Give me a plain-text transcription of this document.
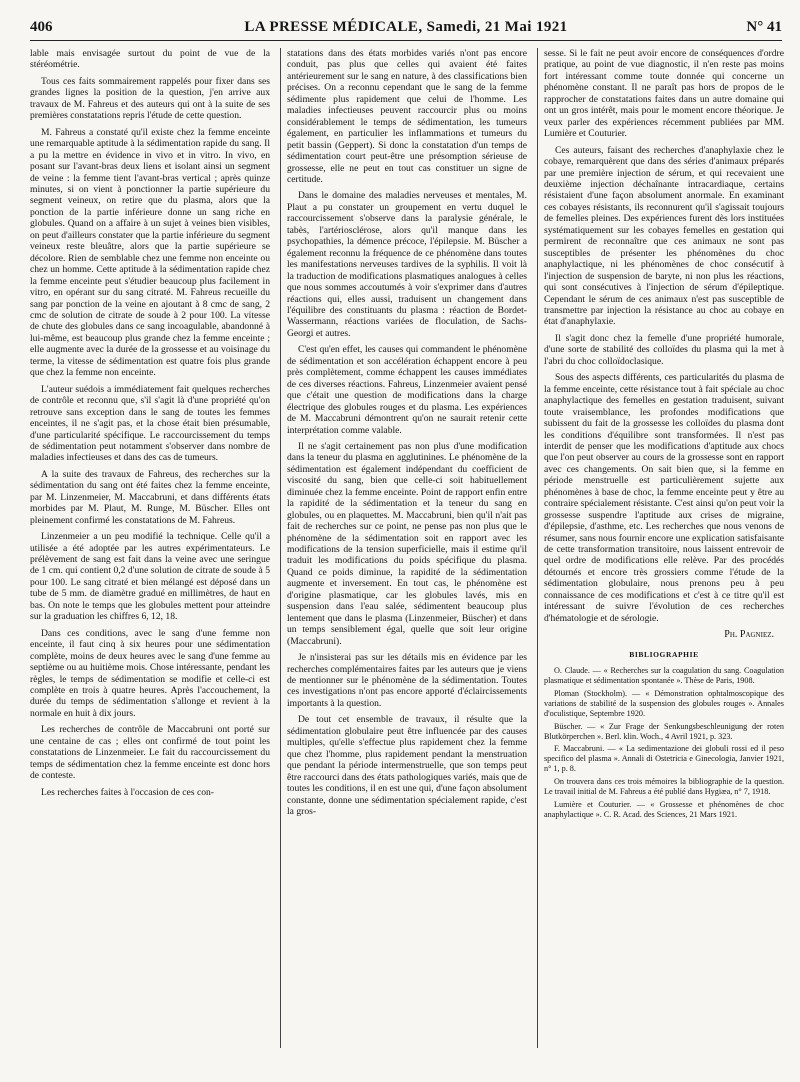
406	LA PRESSE MÉDICALE, Samedi, 21 Mai 1921	N° 41

lable mais envisagée surtout du point de vue de la stéréométrie.

Tous ces faits sommairement rappelés pour fixer dans ses grandes lignes la position de la question, j'en arrive aux travaux de M. Fahreus et des auteurs qui ont à la suite de ses premières constatations repris l'étude de cette question.

M. Fahreus a constaté qu'il existe chez la femme enceinte une remarquable aptitude à la sédimentation rapide du sang. Il a pu la mettre en évidence in vivo et in vitro. In vivo, en posant sur l'avant-bras deux liens et isolant ainsi un segment de veine : la femme tient l'avant-bras vertical ; après quinze minutes, si on vient à ponctionner la partie supérieure du segment veineux, on retire que du plasma, alors que la ponction de la partie inférieure donne un sang riche en globules. Quand on a affaire à un sujet à veines bien visibles, on peut d'ailleurs constater que la partie inférieure du segment veineux reste bleuâtre, alors que la partie supérieure se décolore. Rien de semblable chez une femme non enceinte ou chez un homme. Cette aptitude à la sédimentation rapide chez la femme enceinte peut s'étudier beaucoup plus facilement in vitro, en opérant sur du sang citraté. M. Fahreus recueille du sang par ponction de la veine en ajoutant à 8 cmc de sang, 2 cmc de solution de citrate de soude à 2 pour 100. La vitesse de chute des globules dans ce sang incoagulable, abandonné à lui-même, est beaucoup plus grande chez la femme enceinte ; elle augmente avec la durée de la grossesse et au voisinage du terme, la vitesse de sédimentation est quatre fois plus grande que chez la femme non enceinte.

L'auteur suédois a immédiatement fait quelques recherches de contrôle et reconnu que, s'il s'agit là d'une propriété qu'on retrouve sans exception dans le sang de toutes les femmes enceintes, il ne s'agit pas, et la chose était bien présumable, d'une particularité spécifique. Le raccourcissement du temps de sédimentation peut notamment s'observer dans nombre de maladies infectieuses et dans des cas de tumeurs.

A la suite des travaux de Fahreus, des recherches sur la sédimentation du sang ont été faites chez la femme enceinte, par M. Linzenmeier, M. Maccabruni, et dans différents états morbides par M. Plaut, M. Runge, M. Büscher. Elles ont pleinement confirmé les constatations de M. Fahreus.

Linzenmeier a un peu modifié la technique. Celle qu'il a utilisée a été adoptée par les autres expérimentateurs. Le prélèvement de sang est fait dans la veine avec une seringue de 1 cm. qui contient 0,2 d'une solution de citrate de soude à 5 pour 100. Le sang citraté et bien mélangé est déposé dans un tube de 5 mm. de diamètre gradué en millimètres, de haut en bas. On note le temps que les globules mettent pour atteindre sur la graduation les chiffres 6, 12, 18.

Dans ces conditions, avec le sang d'une femme non enceinte, il faut cinq à six heures pour une sédimentation complète, moins de deux heures avec le sang d'une femme au septième ou au huitième mois. Chose intéressante, pendant les règles, le temps de sédimentation se modifie et celle-ci est complète en trois à quatre heures. Après l'accouchement, la durée du temps de sédimentation s'allonge et revient à la normale en huit à dix jours.

Les recherches de contrôle de Maccabruni ont porté sur une centaine de cas ; elles ont confirmé de tout point les constatations de Linzenmeier. Le fait du raccourcissement du temps de sédimentation chez la femme enceinte est donc hors de conteste.

Les recherches faites à l'occasion de ces con-

statations dans des états morbides variés n'ont pas encore conduit, pas plus que celles qui avaient été faites antérieurement sur le sang en nature, à des classifications bien précises. On a reconnu cependant que le sang de la femme sédimente plus rapidement que celui de l'homme. Les maladies infectieuses peuvent raccourcir plus ou moins considérablement le temps de sédimentation, les tumeurs également, en particulier les inflammations et tumeurs du petit bassin (Geppert). Si donc la constatation d'un temps de sédimentation court peut-être une présomption sérieuse de grossesse, elle ne peut en tout cas constituer un signe de certitude.

Dans le domaine des maladies nerveuses et mentales, M. Plaut a pu constater un groupement en vertu duquel le raccourcissement s'observe dans la paralysie générale, le tabès, l'artériosclérose, alors qu'il manque dans les psychopathies, la démence précoce, l'épilepsie. M. Büscher a également reconnu la fréquence de ce phénomène dans toutes les manifestations nerveuses tardives de la syphilis. Il voit là la traduction de modifications plasmatiques analogues à celles que nous sommes accoutumés à voir s'exprimer dans d'autres réactions qui, elles aussi, traduisent un changement dans l'équilibre des constituants du plasma : réaction de Bordet-Wassermann, réactions variées de floculation, de Sachs-Georgi et autres.

C'est qu'en effet, les causes qui commandent le phénomène de sédimentation et son accélération échappent encore à peu près complètement, comme échappent les causes immédiates de ces diverses réactions. Fahreus, Linzenmeier avaient pensé que c'était une question de modifications dans la charge électrique des globules rouges et du plasma. Les expériences de M. Maccabruni démontrent qu'on ne saurait retenir cette interprétation comme valable.

Il ne s'agit certainement pas non plus d'une modification dans la teneur du plasma en agglutinines. Le phénomène de la sédimentation est également indépendant du coefficient de viscosité du sang, bien que celle-ci soit habituellement diminuée chez la femme enceinte. Point de rapport enfin entre la rapidité de la sédimentation et la teneur du sang en globules, ou en plaquettes. M. Maccabruni, bien qu'il n'ait pas fait de recherches sur ce point, ne pense pas non plus que le phénomène de la sédimentation soit en rapport avec les modifications de la tension superficielle, mais il estime qu'il traduit les modifications du poids spécifique du plasma. Quand ce poids diminue, la rapidité de la sédimentation augmente et inversement. En tout cas, le phénomène est d'origine plasmatique, car les globules lavés, mis en suspension dans l'eau salée, sédimentent beaucoup plus lentement que dans le plasma (Linzenmeier, Büscher) et dans un temps sensiblement égal, quelle que soit leur origine (Maccabruni).

Je n'insisterai pas sur les détails mis en évidence par les recherches complémentaires faites par les auteurs que je viens de mentionner sur le phénomène de la sédimentation. Toutes ces investigations n'ont pas encore apporté d'éclaircissements importants à la question.

De tout cet ensemble de travaux, il résulte que la sédimentation globulaire peut être influencée par des causes multiples, qu'elle s'effectue plus rapidement chez la femme que chez l'homme, plus rapidement pendant la menstruation que pendant la période intermenstruelle, que son temps peut être raccourci dans des états pathologiques variés, mais que de toutes les conditions, il en est une qui, d'une façon absolument constante, donne une sédimentation spécialement rapide, c'est la gros-

sesse. Si le fait ne peut avoir encore de conséquences d'ordre pratique, au point de vue diagnostic, il n'en reste pas moins fort intéressant comme toute donnée qui concerne un phénomène constant. Il ne paraît pas hors de propos de le rapprocher de constatations faites dans un autre domaine qui ont un gros intérêt, mais pour le moment encore théorique. Je veux parler des expériences récemment publiées par MM. Lumière et Couturier.

Ces auteurs, faisant des recherches d'anaphylaxie chez le cobaye, remarquèrent que dans des séries d'animaux préparés par une première injection de sérum, et qui recevaient une deuxième injection déchaînante intracardiaque, certains résistaient d'une façon absolument anormale. En examinant ces cobayes résistants, ils reconnurent qu'il s'agissait toujours de femelles pleines. Des expériences furent dès lors instituées systématiquement sur les cobayes femelles en gestation qui permirent de reconnaître que ces animaux ne sont pas susceptibles de présenter les phénomènes du choc anaphylactique, ni les phénomènes de choc consécutif à l'injection de suspension de baryte, ni non plus les réactions, qui sont consécutives à l'injection de sérum d'épileptique. Cependant le sérum de ces animaux n'est pas susceptible de transmettre par injection la résistance au choc au cobaye en état d'anaphylaxie.

Il s'agit donc chez la femelle d'une propriété humorale, d'une sorte de stabilité des colloïdes du plasma qui la met à l'abri du choc colloïdoclasique.

Sous des aspects différents, ces particularités du plasma de la femme enceinte, cette résistance tout à fait spéciale au choc anaphylactique des femelles en gestation traduisent, suivant toute vraisemblance, les profondes modifications que subissent du fait de la grossesse les colloïdes du plasma dont les conditions d'équilibre sont transformées. Il n'est pas interdit de penser que les modifications d'aptitude aux chocs que l'on peut observer au cours de la grossesse sont en rapport avec ces changements. On sait bien que, si la femme en période menstruelle est particulièrement sujette aux phénomènes à base de choc, la femme enceinte peut y être au contraire spécialement résistante. C'est ainsi qu'on peut voir la grossesse suspendre l'aptitude aux crises de migraine, d'épilepsie, d'asthme, etc. Les recherches que nous venons de résumer, sans nous fournir encore une explication satisfaisante de cette transformation transitoire, nous laissent entrevoir de quel ordre de modifications elle relève. Par des procédés détournés et encore très grossiers comme l'étude de la sédimentation globulaire, nous prenons peu à peu connaissance de ces modifications et c'est à ce titre qu'il est intéressant de suivre l'évolution de ces recherches d'hématologie et de sérologie.

Ph. Pagniez.
BIBLIOGRAPHIE

O. Claude. — « Recherches sur la coagulation du sang. Coagulation plasmatique et sédimentation spontanée ». Thèse de Paris, 1908.

Ploman (Stockholm). — « Démonstration ophtalmoscopique des variations de stabilité de la suspension des globules rouges ». Annales d'oculistique, Septembre 1920.

Büscher. — « Zur Frage der Senkungsbeschleunigung der roten Blutkörperchen ». Berl. klin. Woch., 4 Avril 1921, p. 323.

F. Maccabruni. — « La sedimentazione dei globuli rossi ed il peso specifico del plasma ». Annali di Ostetricia e Ginecologia, Janvier 1921, n° 1, p. 8.

On trouvera dans ces trois mémoires la bibliographie de la question. Le travail initial de M. Fahreus a été publié dans Hygiæa, n° 7, 1918.

Lumière et Couturier. — « Grossesse et phénomènes de choc anaphylactique ». C. R. Acad. des Sciences, 21 Mars 1921.
